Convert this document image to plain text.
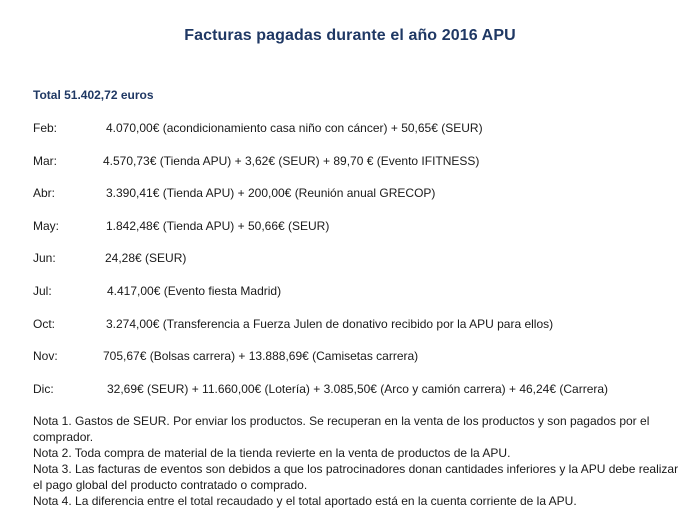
Facturas pagadas durante el año 2016 APU
Total 51.402,72 euros
Feb:	4.070,00€ (acondicionamiento casa niño con cáncer) + 50,65€ (SEUR)
Mar:	4.570,73€ (Tienda APU) + 3,62€ (SEUR) + 89,70 € (Evento IFITNESS)
Abr:	3.390,41€ (Tienda APU) + 200,00€ (Reunión anual GRECOP)
May:	1.842,48€ (Tienda APU) + 50,66€ (SEUR)
Jun:	24,28€ (SEUR)
Jul:	4.417,00€ (Evento fiesta Madrid)
Oct:	3.274,00€ (Transferencia a Fuerza Julen de donativo recibido por la APU para ellos)
Nov:	705,67€ (Bolsas carrera) + 13.888,69€ (Camisetas carrera)
Dic:	32,69€ (SEUR) + 11.660,00€ (Lotería) + 3.085,50€ (Arco y camión carrera) + 46,24€ (Carrera)

Nota 1. Gastos de SEUR. Por enviar los productos. Se recuperan en la venta de los productos y son pagados por el comprador.

Nota 2. Toda compra de material de la tienda revierte en la venta de productos de la APU.

Nota 3. Las facturas de eventos son debidos a que los patrocinadores donan cantidades inferiores y la APU debe realizar el pago global del producto contratado o comprado.

Nota 4. La diferencia entre el total recaudado y el total aportado está en la cuenta corriente de la APU.
